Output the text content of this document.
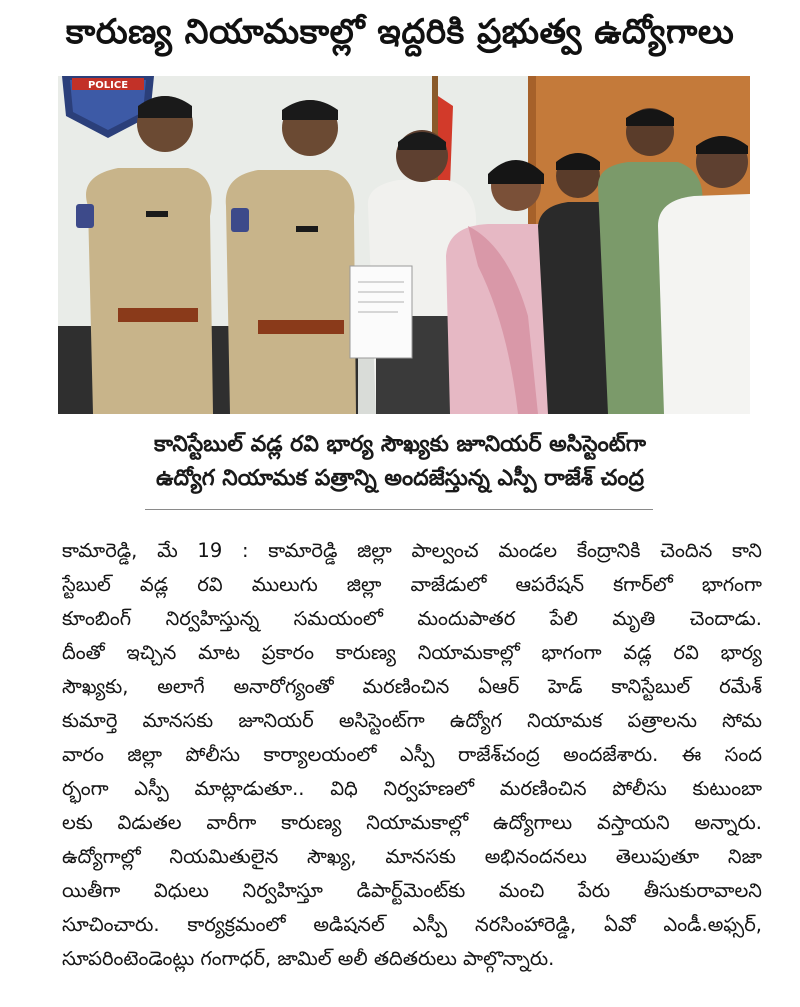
కారుణ్య నియామకాల్లో ఇద్దరికి ప్రభుత్వ ఉద్యోగాలు
POLICE
కానిస్టేబుల్ వడ్ల రవి భార్య సౌఖ్యకు జూనియర్ అసిస్టెంట్‌గా
ఉద్యోగ నియామక పత్రాన్ని అందజేస్తున్న ఎస్పీ రాజేశ్ చంద్ర
కామారెడ్డి, మే 19 : కామారెడ్డి జిల్లా పాల్వంచ మండల కేంద్రానికి చెందిన కాని
స్టేబుల్ వడ్ల రవి ములుగు జిల్లా వాజేడులో ఆపరేషన్ కగార్‌లో భాగంగా
కూంబింగ్ నిర్వహిస్తున్న సమయంలో మందుపాతర పేలి మృతి చెందాడు.
దీంతో ఇచ్చిన మాట ప్రకారం కారుణ్య నియామకాల్లో భాగంగా వడ్ల రవి భార్య
సౌఖ్యకు, అలాగే అనారోగ్యంతో మరణించిన ఏఆర్ హెడ్ కానిస్టేబుల్ రమేశ్
కుమార్తె మానసకు జూనియర్ అసిస్టెంట్‌గా ఉద్యోగ నియామక పత్రాలను సోమ
వారం జిల్లా పోలీసు కార్యాలయంలో ఎస్పీ రాజేశ్‌చంద్ర అందజేశారు. ఈ సంద
ర్భంగా ఎస్పీ మాట్లాడుతూ.. విధి నిర్వహణలో మరణించిన పోలీసు కుటుంబా
లకు విడుతల వారీగా కారుణ్య నియామకాల్లో ఉద్యోగాలు వస్తాయని అన్నారు.
ఉద్యోగాల్లో నియమితులైన సౌఖ్య, మానసకు అభినందనలు తెలుపుతూ నిజా
యితీగా విధులు నిర్వహిస్తూ డిపార్ట్‌మెంట్‌కు మంచి పేరు తీసుకురావాలని
సూచించారు. కార్యక్రమంలో అడిషనల్ ఎస్పీ నరసింహారెడ్డి, ఏవో ఎండీ.అఫ్సర్,
సూపరింటెండెంట్లు గంగాధర్, జామిల్ అలీ తదితరులు పాల్గొన్నారు.
